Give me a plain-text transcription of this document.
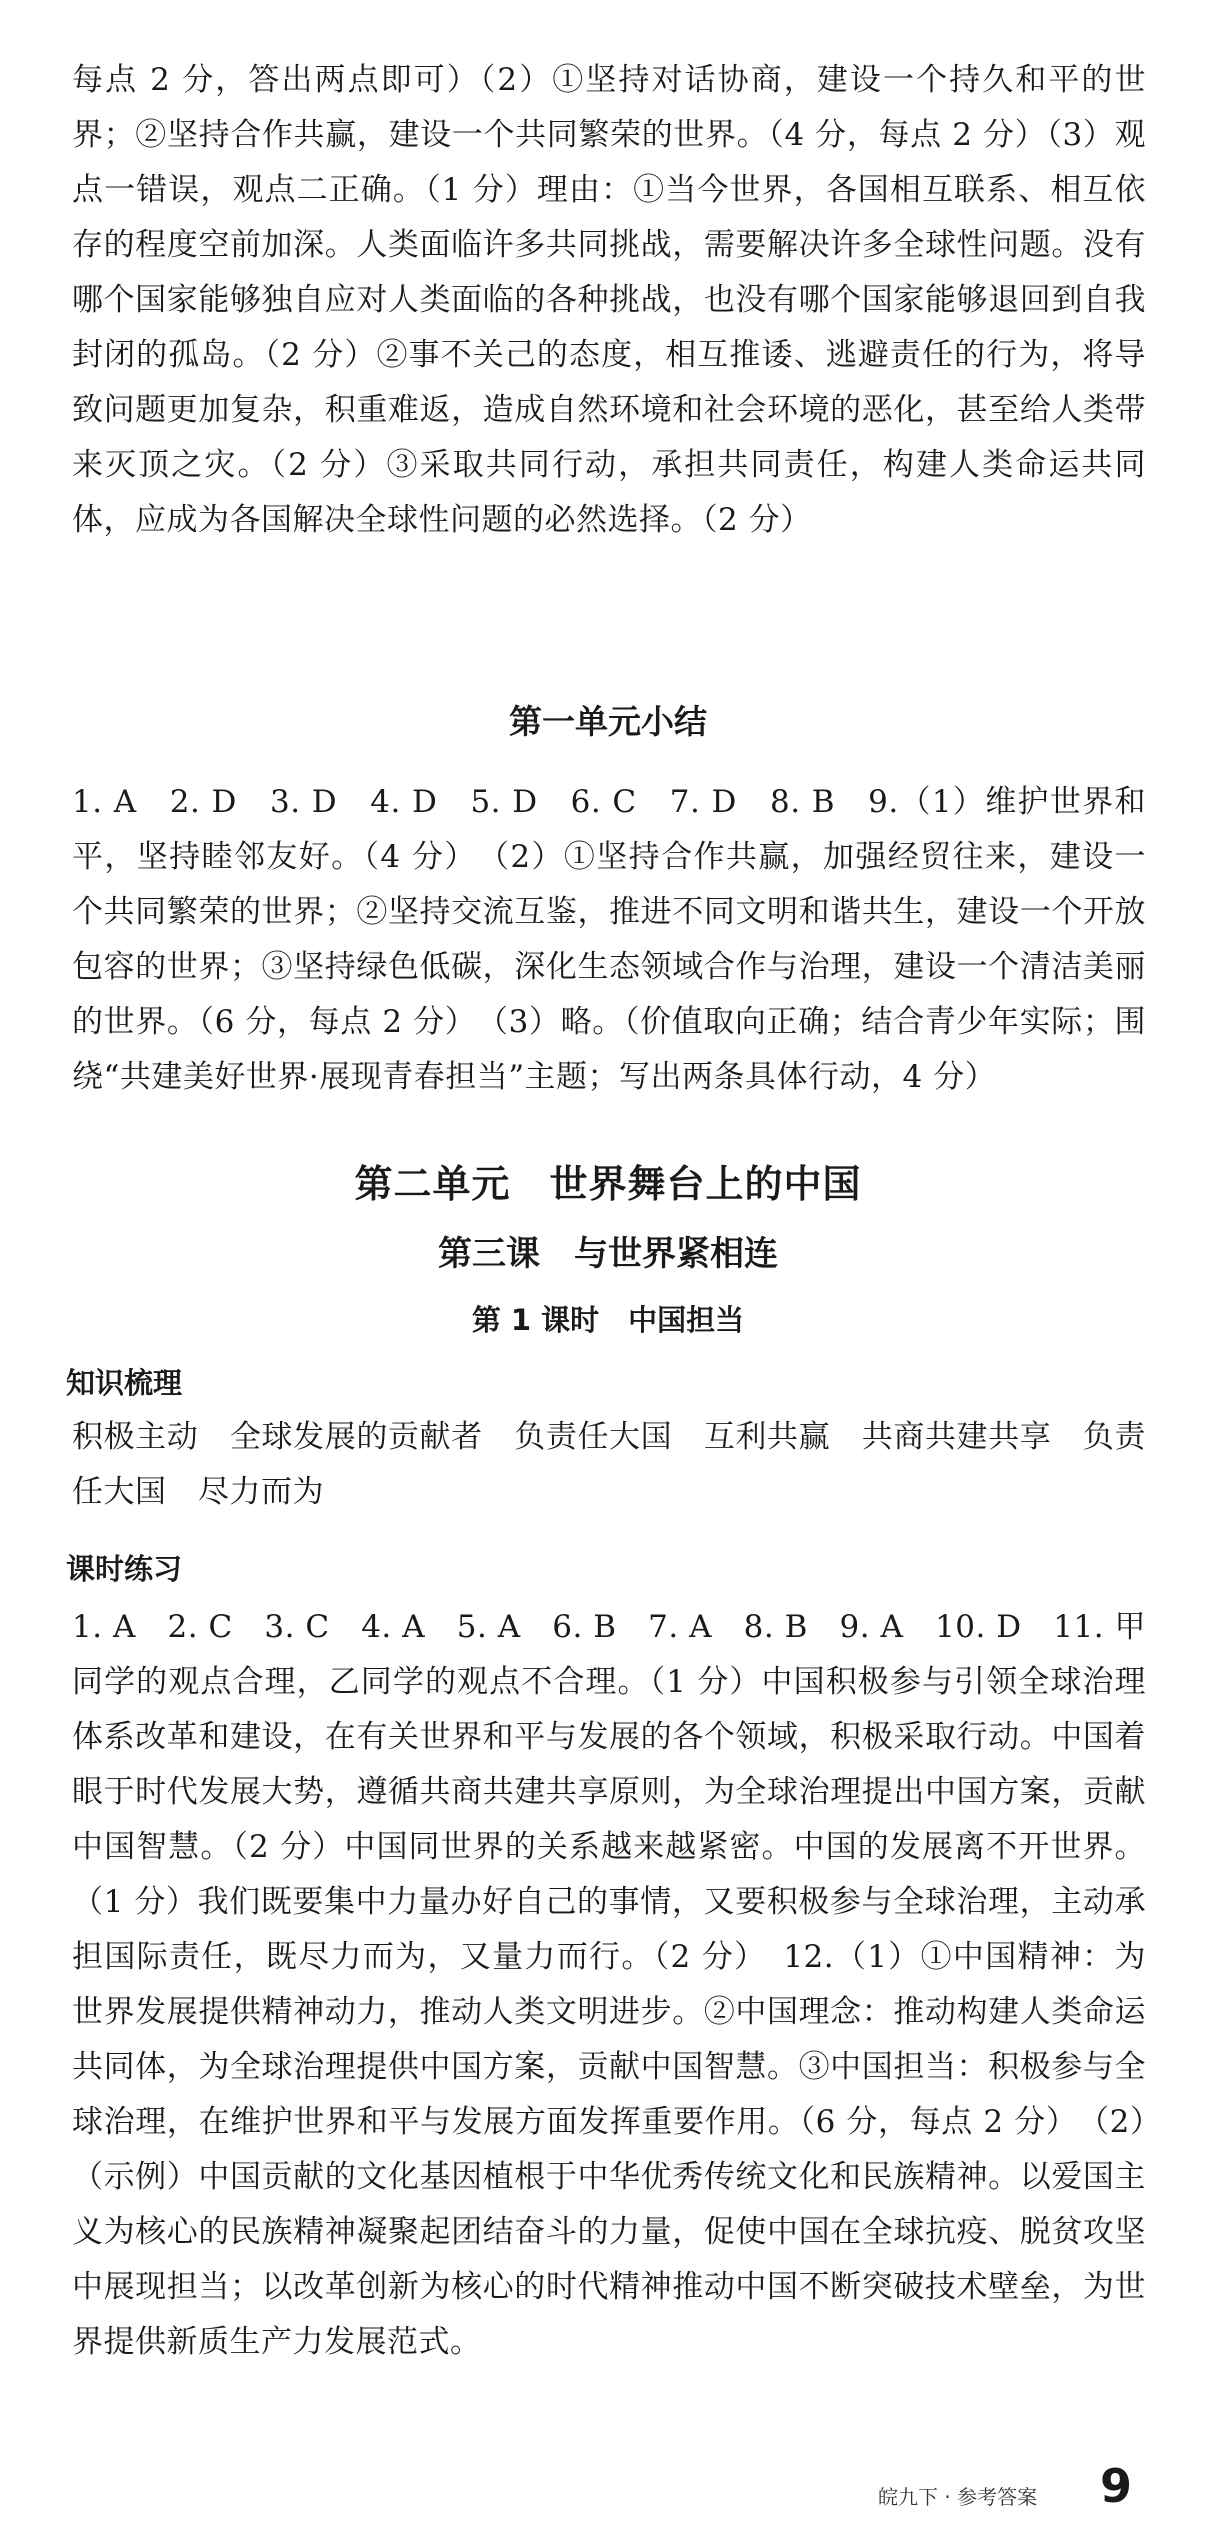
每点 2 分，答出两点即可）（2）①坚持对话协商，建设一个持久和平的世界；②坚持合作共赢，建设一个共同繁荣的世界。（4 分，每点 2 分）（3）观点一错误，观点二正确。（1 分）理由：①当今世界，各国相互联系、相互依存的程度空前加深。人类面临许多共同挑战，需要解决许多全球性问题。没有哪个国家能够独自应对人类面临的各种挑战，也没有哪个国家能够退回到自我封闭的孤岛。（2 分）②事不关己的态度，相互推诿、逃避责任的行为，将导致问题更加复杂，积重难返，造成自然环境和社会环境的恶化，甚至给人类带来灭顶之灾。（2 分）③采取共同行动，承担共同责任，构建人类命运共同体，应成为各国解决全球性问题的必然选择。（2 分）

第一单元小结

1. A　2. D　3. D　4. D　5. D　6. C　7. D　8. B　9.（1）维护世界和平，坚持睦邻友好。（4 分）　（2）①坚持合作共赢，加强经贸往来，建设一个共同繁荣的世界；②坚持交流互鉴，推进不同文明和谐共生，建设一个开放包容的世界；③坚持绿色低碳，深化生态领域合作与治理，建设一个清洁美丽的世界。（6 分，每点 2 分）　（3）略。（价值取向正确；结合青少年实际；围绕“共建美好世界·展现青春担当”主题；写出两条具体行动，4 分）

第二单元　世界舞台上的中国
第三课　与世界紧相连
第 1 课时　中国担当
知识梳理

积极主动　全球发展的贡献者　负责任大国　互利共赢　共商共建共享　负责任大国　尽力而为

课时练习

1. A　2. C　3. C　4. A　5. A　6. B　7. A　8. B　9. A　10. D　11. 甲同学的观点合理，乙同学的观点不合理。（1 分）中国积极参与引领全球治理体系改革和建设，在有关世界和平与发展的各个领域，积极采取行动。中国着眼于时代发展大势，遵循共商共建共享原则，为全球治理提出中国方案，贡献中国智慧。（2 分）中国同世界的关系越来越紧密。中国的发展离不开世界。（1 分）我们既要集中力量办好自己的事情，又要积极参与全球治理，主动承担国际责任，既尽力而为，又量力而行。（2 分）　12.（1）①中国精神：为世界发展提供精神动力，推动人类文明进步。②中国理念：推动构建人类命运共同体，为全球治理提供中国方案，贡献中国智慧。③中国担当：积极参与全球治理，在维护世界和平与发展方面发挥重要作用。（6 分，每点 2 分）　（2）（示例）中国贡献的文化基因植根于中华优秀传统文化和民族精神。以爱国主义为核心的民族精神凝聚起团结奋斗的力量，促使中国在全球抗疫、脱贫攻坚中展现担当；以改革创新为核心的时代精神推动中国不断突破技术壁垒，为世界提供新质生产力发展范式。

皖九下 · 参考答案 9
